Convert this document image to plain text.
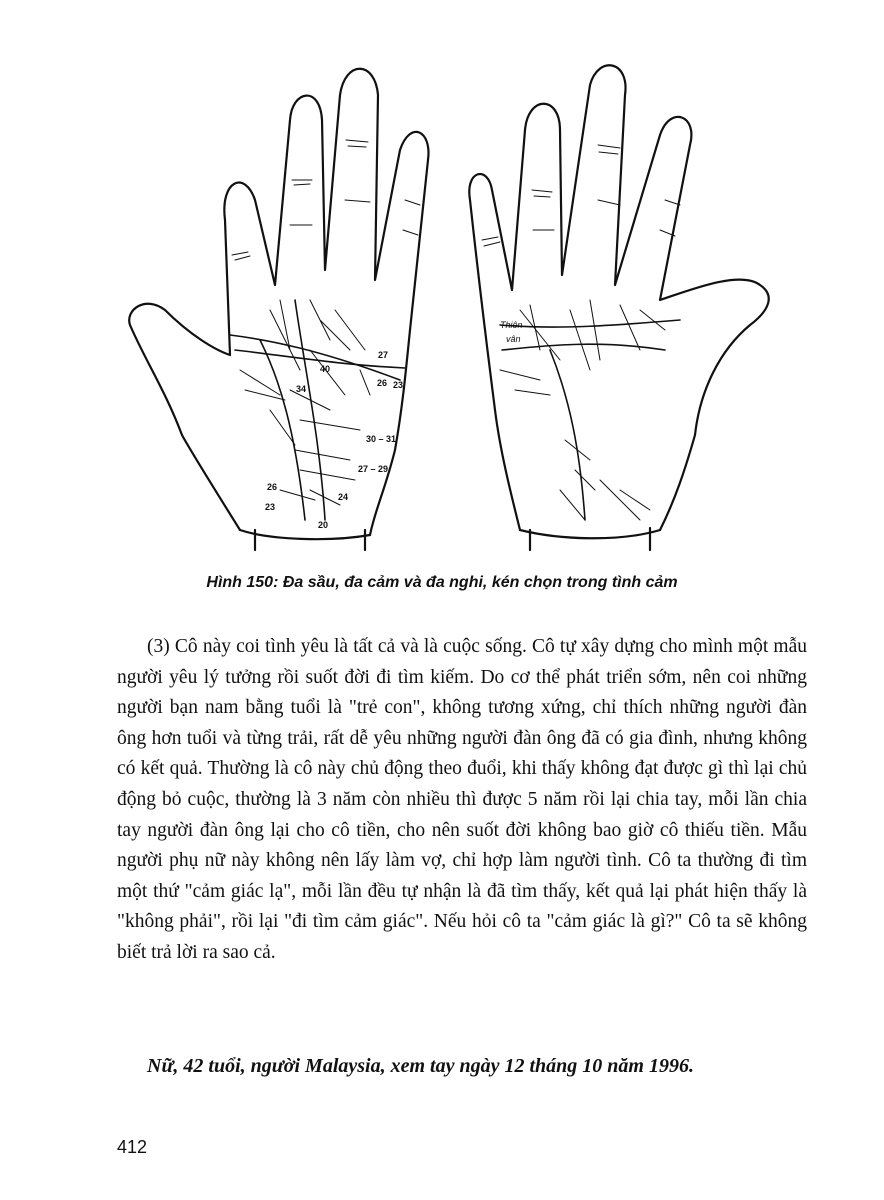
40
27
26 23
34
30 – 31
27 – 29
26
24
23
20
Thiên
vân
Hình 150: Đa sầu, đa cảm và đa nghi, kén chọn trong tình cảm

(3) Cô này coi tình yêu là tất cả và là cuộc sống. Cô tự xây dựng cho mình một mẫu người yêu lý tưởng rồi suốt đời đi tìm kiếm. Do cơ thể phát triển sớm, nên coi những người bạn nam bằng tuổi là "trẻ con", không tương xứng, chỉ thích những người đàn ông hơn tuổi và từng trải, rất dễ yêu những người đàn ông đã có gia đình, nhưng không có kết quả. Thường là cô này chủ động theo đuổi, khi thấy không đạt được gì thì lại chủ động bỏ cuộc, thường là 3 năm còn nhiều thì được 5 năm rồi lại chia tay, mỗi lần chia tay người đàn ông lại cho cô tiền, cho nên suốt đời không bao giờ cô thiếu tiền. Mẫu người phụ nữ này không nên lấy làm vợ, chỉ hợp làm người tình. Cô ta thường đi tìm một thứ "cảm giác lạ", mỗi lần đều tự nhận là đã tìm thấy, kết quả lại phát hiện thấy là "không phải", rồi lại "đi tìm cảm giác". Nếu hỏi cô ta "cảm giác là gì?" Cô ta sẽ không biết trả lời ra sao cả.

Nữ, 42 tuổi, người Malaysia, xem tay ngày 12 tháng 10 năm 1996.
412
